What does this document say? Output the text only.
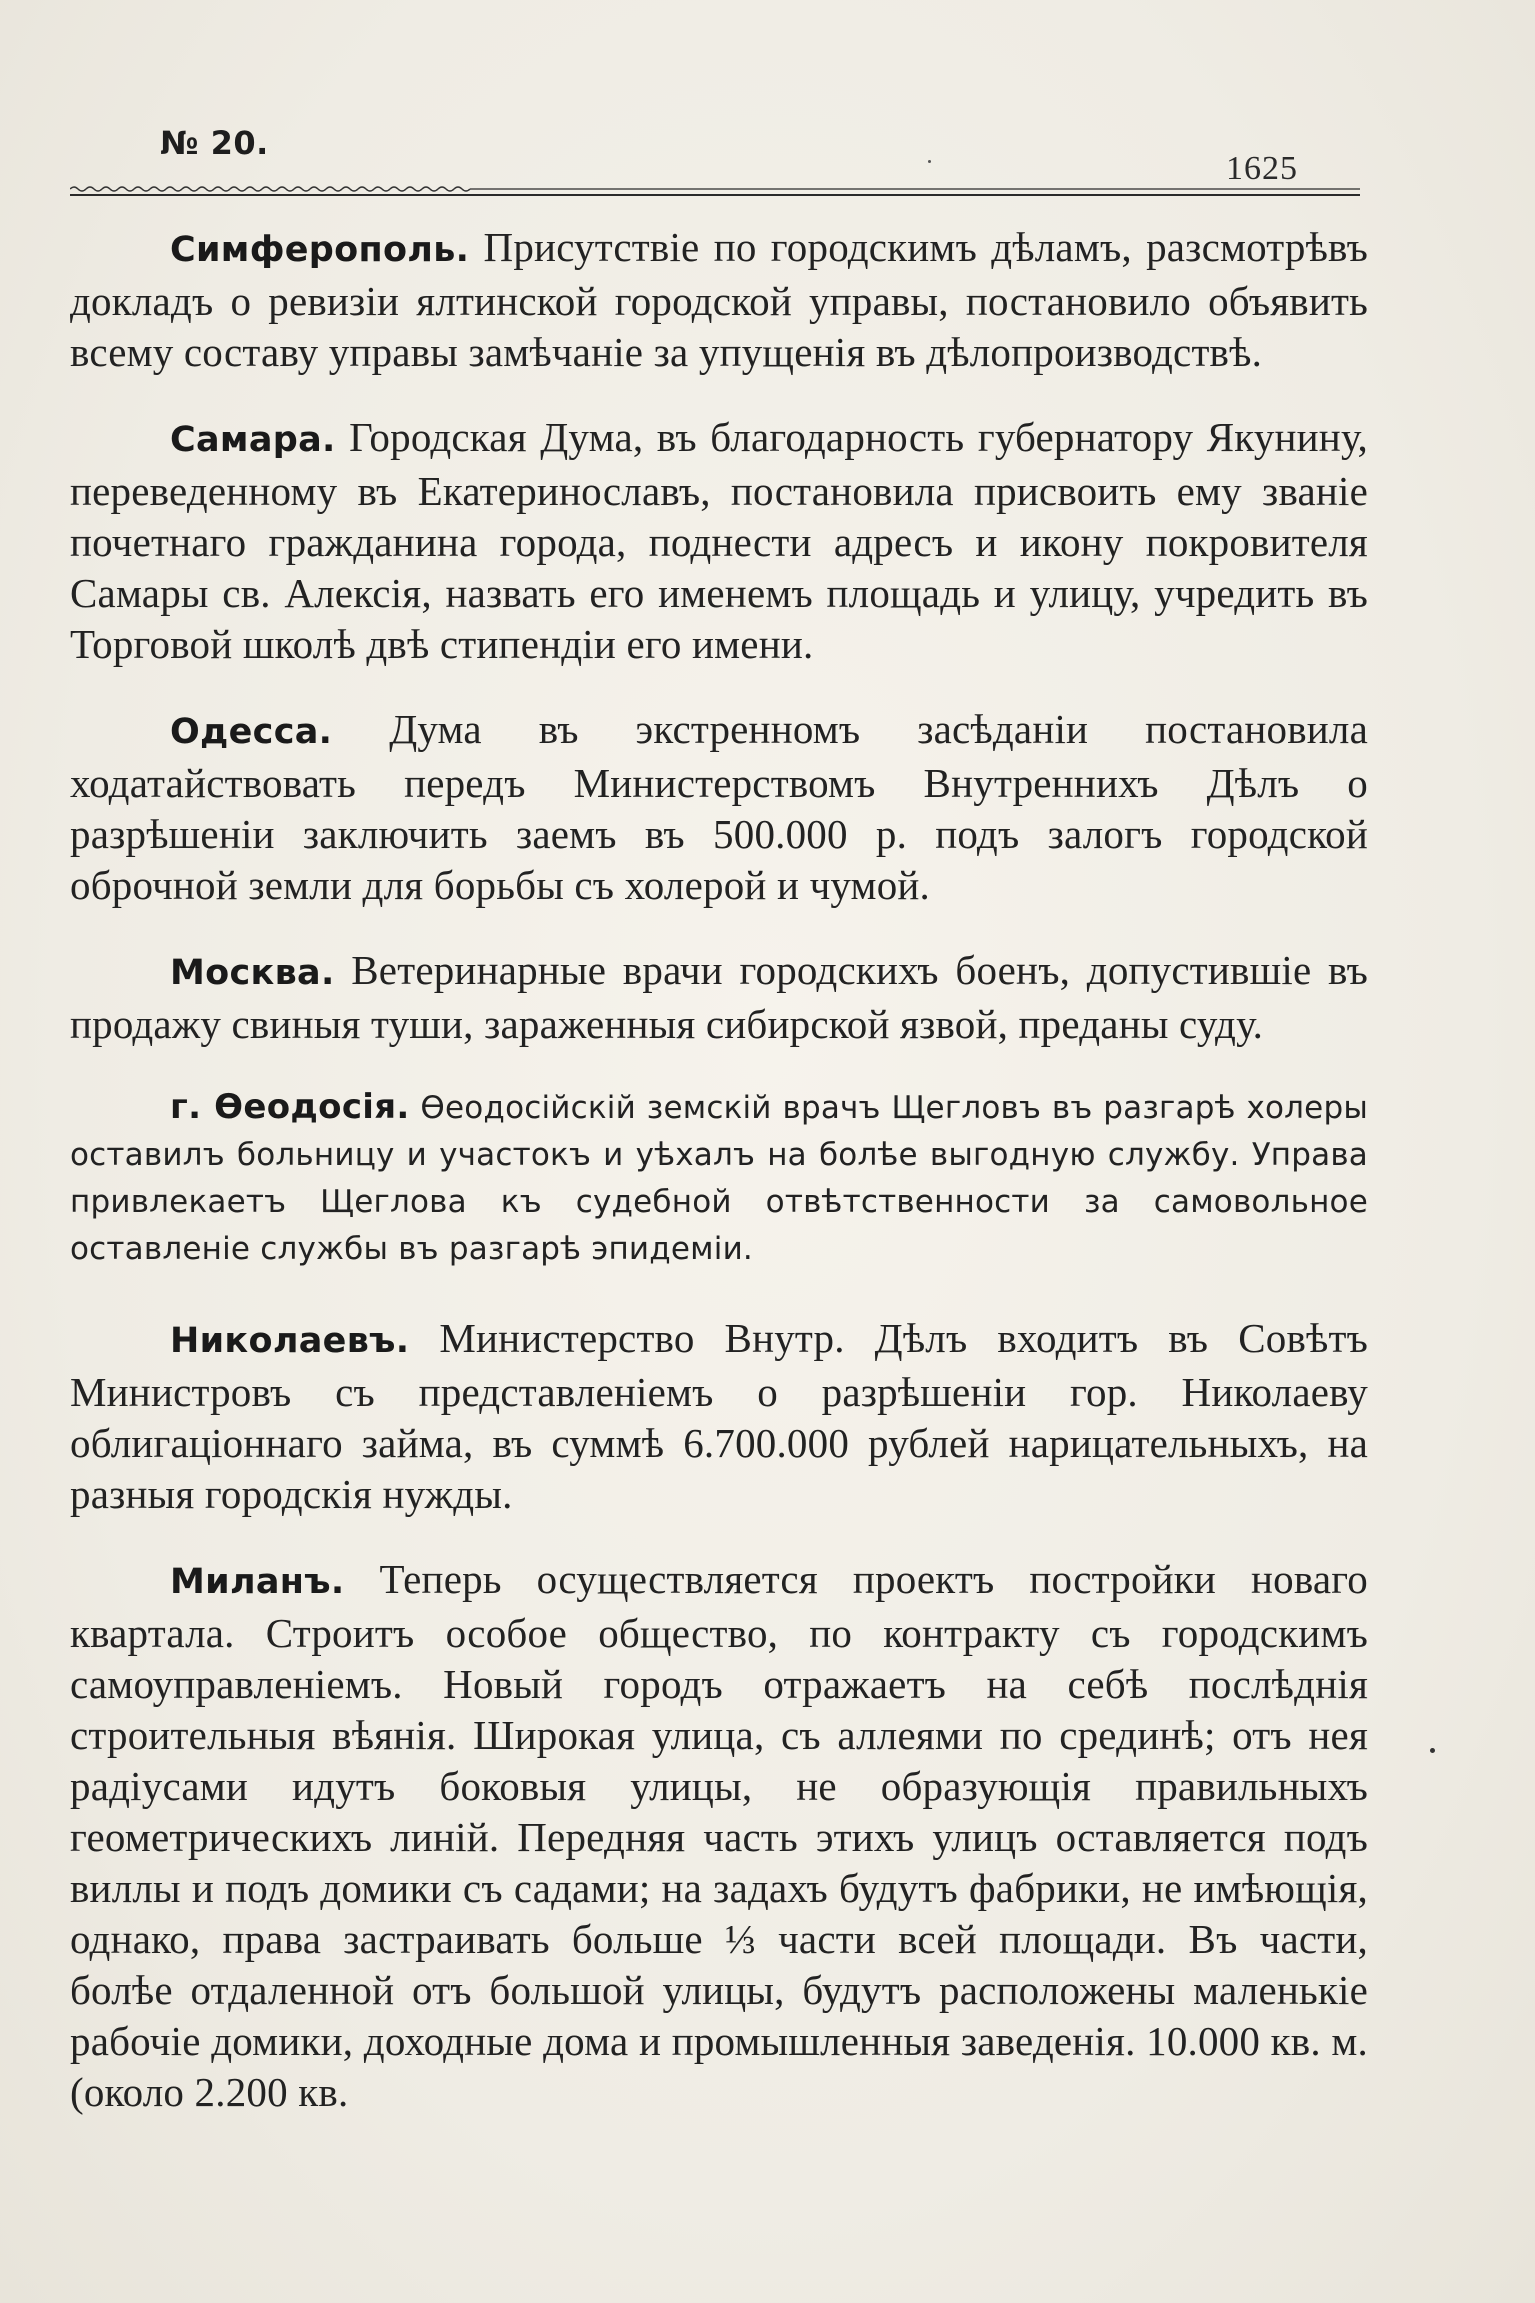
№ 20.
1625

Симферополь. Присутствіе по городскимъ дѣламъ, разсмотрѣвъ докладъ о ревизіи ялтинской городской управы, постановило объявить всему составу управы замѣчаніе за упущенія въ дѣлопроизводствѣ.

Самара. Городская Дума, въ благодарность губернатору Якунину, переведенному въ Екатеринославъ, постановила присвоить ему званіе почетнаго гражданина города, поднести адресъ и икону покровителя Самары св. Алексія, назвать его именемъ площадь и улицу, учредить въ Торговой школѣ двѣ стипендіи его имени.

Одесса. Дума въ экстренномъ засѣданіи постановила ходатайствовать передъ Министерствомъ Внутреннихъ Дѣлъ о разрѣшеніи заключить заемъ въ 500.000 р. подъ залогъ городской оброчной земли для борьбы съ холерой и чумой.

Москва. Ветеринарные врачи городскихъ боенъ, допустившіе въ продажу свиныя туши, зараженныя сибирской язвой, преданы суду.

г. Ѳеодосія. Ѳеодосійскій земскій врачъ Щегловъ въ разгарѣ холеры оставилъ больницу и участокъ и уѣхалъ на болѣе выгодную службу. Управа привлекаетъ Щеглова къ судебной отвѣтственности за самовольное оставленіе службы въ разгарѣ эпидеміи.

Николаевъ. Министерство Внутр. Дѣлъ входитъ въ Совѣтъ Министровъ съ представленіемъ о разрѣшеніи гор. Николаеву облигаціоннаго займа, въ суммѣ 6.700.000 рублей нарицательныхъ, на разныя городскія нужды.

Миланъ. Теперь осуществляется проектъ постройки новаго квартала. Строитъ особое общество, по контракту съ городскимъ самоуправленіемъ. Новый городъ отражаетъ на себѣ послѣднія строительныя вѣянія. Широкая улица, съ аллеями по срединѣ; отъ нея радіусами идутъ боковыя улицы, не образующія правильныхъ геометрическихъ линій. Передняя часть этихъ улицъ оставляется подъ виллы и подъ домики съ садами; на задахъ будутъ фабрики, не имѣющія, однако, права застраивать больше ⅓ части всей площади. Въ части, болѣе отдаленной отъ большой улицы, будутъ расположены маленькіе рабочіе домики, доходные дома и промышленныя заведенія. 10.000 кв. м. (около 2.200 кв.
